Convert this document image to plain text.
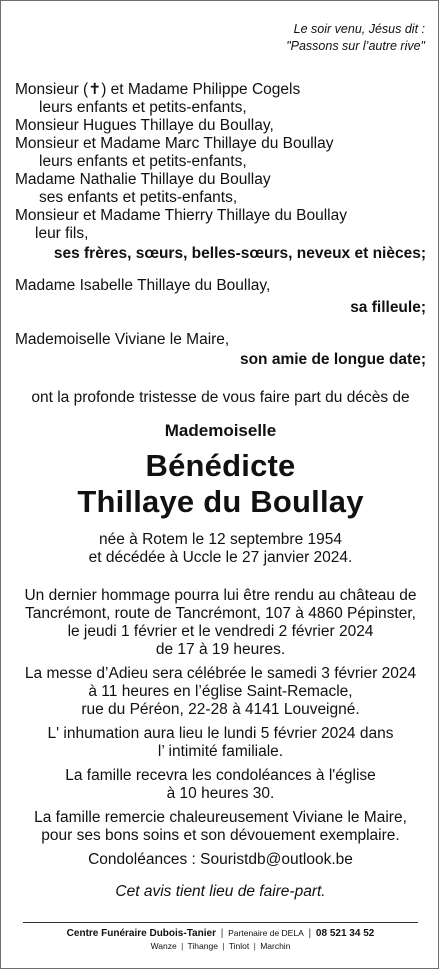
Le soir venu, Jésus dit :
"Passons sur l’autre rive"
Monsieur (✝) et Madame Philippe Cogels
leurs enfants et petits-enfants,
Monsieur Hugues Thillaye du Boullay,
Monsieur et Madame Marc Thillaye du Boullay
leurs enfants et petits-enfants,
Madame Nathalie Thillaye du Boullay
ses enfants et petits-enfants,
Monsieur et Madame Thierry Thillaye du Boullay
leur fils,
ses frères, sœurs, belles-sœurs, neveux et nièces;
Madame Isabelle Thillaye du Boullay,
sa filleule;
Mademoiselle Viviane le Maire,
son amie de longue date;
ont la profonde tristesse de vous faire part du décès de
Mademoiselle
Bénédicte
Thillaye du Boullay
née à Rotem le 12 septembre 1954
et décédée à Uccle le 27 janvier 2024.
Un dernier hommage pourra lui être rendu au château de
Tancrémont, route de Tancrémont, 107 à 4860 Pépinster,
le jeudi 1 février et le vendredi 2 février 2024
de 17 à 19 heures.
La messe d’Adieu sera célébrée le samedi 3 février 2024
à 11 heures en l’église Saint-Remacle,
rue du Péréon, 22-28 à 4141 Louveigné.
L' inhumation aura lieu le lundi 5 février 2024 dans
l’ intimité familiale.
La famille recevra les condoléances à l'église
à 10 heures 30.
La famille remercie chaleureusement Viviane le Maire,
pour ses bons soins et son dévouement exemplaire.
Condoléances : Souristdb@outlook.be
Cet avis tient lieu de faire-part.
Centre Funéraire Dubois-Tanier | Partenaire de DELA | 08 521 34 52
Wanze | Tihange | Tinlot | Marchin
